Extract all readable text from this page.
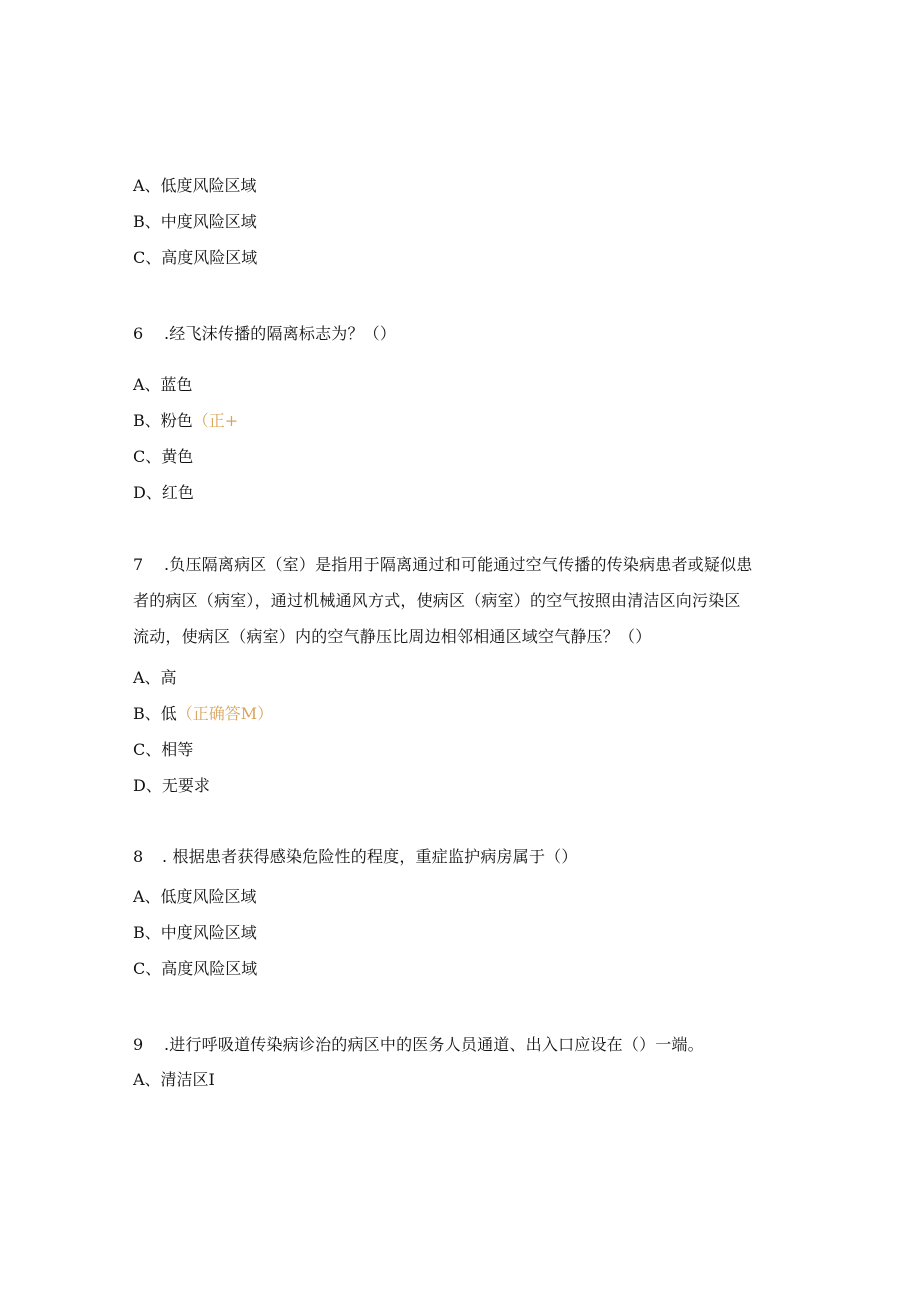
A、低度风险区域
B、中度风险区域
C、高度风险区域
6 .经飞沫传播的隔离标志为？（）
A、蓝色
B、粉色（正+
C、黄色
D、红色
7 .负压隔离病区（室）是指用于隔离通过和可能通过空气传播的传染病患者或疑似患
者的病区（病室），通过机械通风方式，使病区（病室）的空气按照由清洁区向污染区
流动，使病区（病室）内的空气静压比周边相邻相通区域空气静压？（）
A、高
B、低（正确答M）
C、相等
D、无要求
8 . 根据患者获得感染危险性的程度，重症监护病房属于（）
A、低度风险区域
B、中度风险区域
C、高度风险区域
9 .进行呼吸道传染病诊治的病区中的医务人员通道、出入口应设在（）一端。
A、清洁区I
